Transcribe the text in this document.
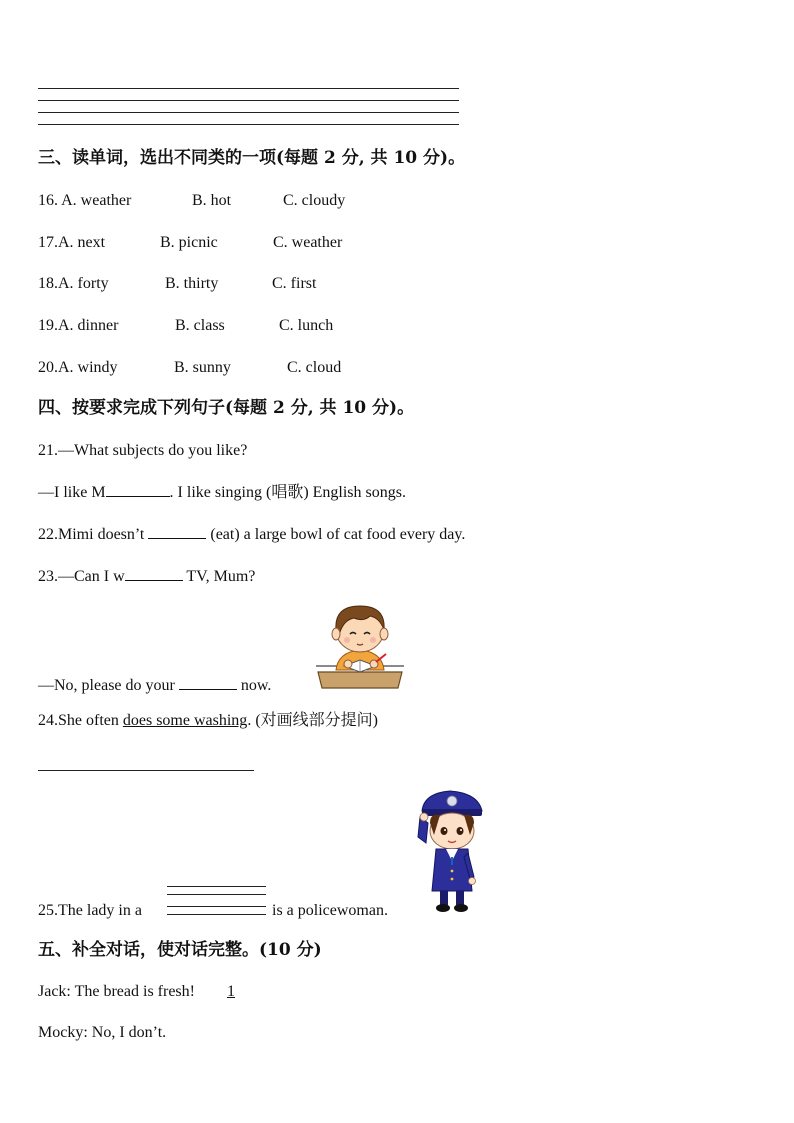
三、读单词，选出不同类的一项(每题 2 分, 共 10 分)。
16. A. weather	B. hot	C. cloudy
17.A. next	B. picnic	C. weather
18.A. forty	B. thirty	C. first
19.A. dinner	B. class	C. lunch
20.A. windy	B. sunny	C. cloud
四、按要求完成下列句子(每题 2 分, 共 10 分)。
21.—What subjects do you like?
—I like M	. I like singing (唱歌) English songs.
22.Mimi doesn’t	(eat) a large bowl of cat food every day.
23.—Can I w	TV, Mum?
—No, please do your	now.
24.She often does some washing. (对画线部分提问)
25.The lady in a	is a policewoman.
五、补全对话，使对话完整。(10 分)
Jack: The bread is fresh! 1
Mocky: No, I don’t.
